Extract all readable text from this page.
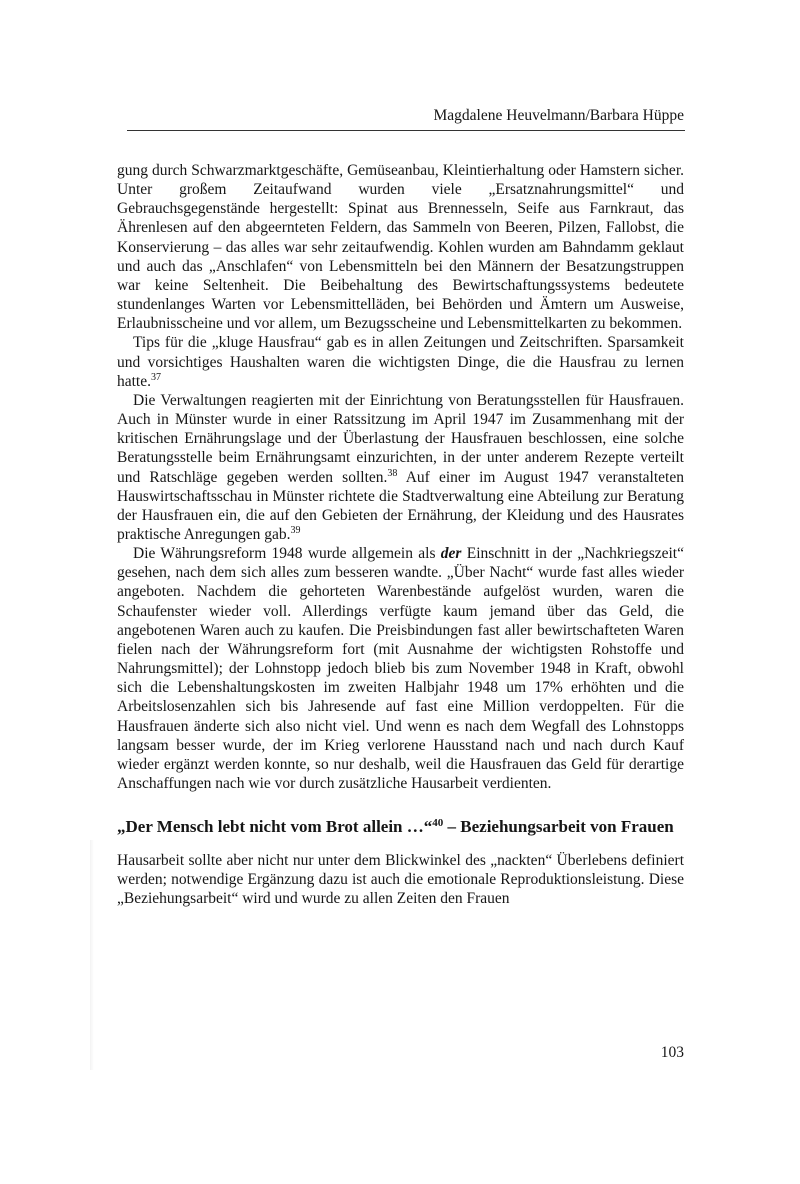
Magdalene Heuvelmann/Barbara Hüppe

gung durch Schwarzmarktgeschäfte, Gemüseanbau, Kleintierhaltung oder Hamstern sicher. Unter großem Zeitaufwand wurden viele „Ersatznahrungsmittel“ und Gebrauchsgegenstände hergestellt: Spinat aus Brennesseln, Seife aus Farnkraut, das Ährenlesen auf den abgeernteten Feldern, das Sammeln von Beeren, Pilzen, Fallobst, die Konservierung – das alles war sehr zeitaufwendig. Kohlen wurden am Bahndamm geklaut und auch das „Anschlafen“ von Lebensmitteln bei den Männern der Besatzungstruppen war keine Seltenheit. Die Beibehaltung des Bewirtschaftungssystems bedeutete stundenlanges Warten vor Lebensmittelläden, bei Behörden und Ämtern um Ausweise, Erlaubnisscheine und vor allem, um Bezugsscheine und Lebensmittelkarten zu bekommen.

Tips für die „kluge Hausfrau“ gab es in allen Zeitungen und Zeitschriften. Sparsamkeit und vorsichtiges Haushalten waren die wichtigsten Dinge, die die Hausfrau zu lernen hatte.$^{37}$

Die Verwaltungen reagierten mit der Einrichtung von Beratungsstellen für Hausfrauen. Auch in Münster wurde in einer Ratssitzung im April 1947 im Zusammenhang mit der kritischen Ernährungslage und der Überlastung der Hausfrauen beschlossen, eine solche Beratungsstelle beim Ernährungsamt einzurichten, in der unter anderem Rezepte verteilt und Ratschläge gegeben werden sollten.$^{38}$ Auf einer im August 1947 veranstalteten Hauswirtschaftsschau in Münster richtete die Stadtverwaltung eine Abteilung zur Beratung der Hausfrauen ein, die auf den Gebieten der Ernährung, der Kleidung und des Hausrates praktische Anregungen gab.$^{39}$

Die Währungsreform 1948 wurde allgemein als der Einschnitt in der „Nachkriegszeit“ gesehen, nach dem sich alles zum besseren wandte. „Über Nacht“ wurde fast alles wieder angeboten. Nachdem die gehorteten Warenbestände aufgelöst wurden, waren die Schaufenster wieder voll. Allerdings verfügte kaum jemand über das Geld, die angebotenen Waren auch zu kaufen. Die Preisbindungen fast aller bewirtschafteten Waren fielen nach der Währungsreform fort (mit Ausnahme der wichtigsten Rohstoffe und Nahrungsmittel); der Lohnstopp jedoch blieb bis zum November 1948 in Kraft, obwohl sich die Lebenshaltungskosten im zweiten Halbjahr 1948 um 17% erhöhten und die Arbeitslosenzahlen sich bis Jahresende auf fast eine Million verdoppelten. Für die Hausfrauen änderte sich also nicht viel. Und wenn es nach dem Wegfall des Lohnstopps langsam besser wurde, der im Krieg verlorene Hausstand nach und nach durch Kauf wieder ergänzt werden konnte, so nur deshalb, weil die Hausfrauen das Geld für derartige Anschaffungen nach wie vor durch zusätzliche Hausarbeit verdienten.

„Der Mensch lebt nicht vom Brot allein …“$^{40}$ – Beziehungsarbeit von Frauen

Hausarbeit sollte aber nicht nur unter dem Blickwinkel des „nackten“ Überlebens definiert werden; notwendige Ergänzung dazu ist auch die emotionale Reproduktionsleistung. Diese „Beziehungsarbeit“ wird und wurde zu allen Zeiten den Frauen

103
